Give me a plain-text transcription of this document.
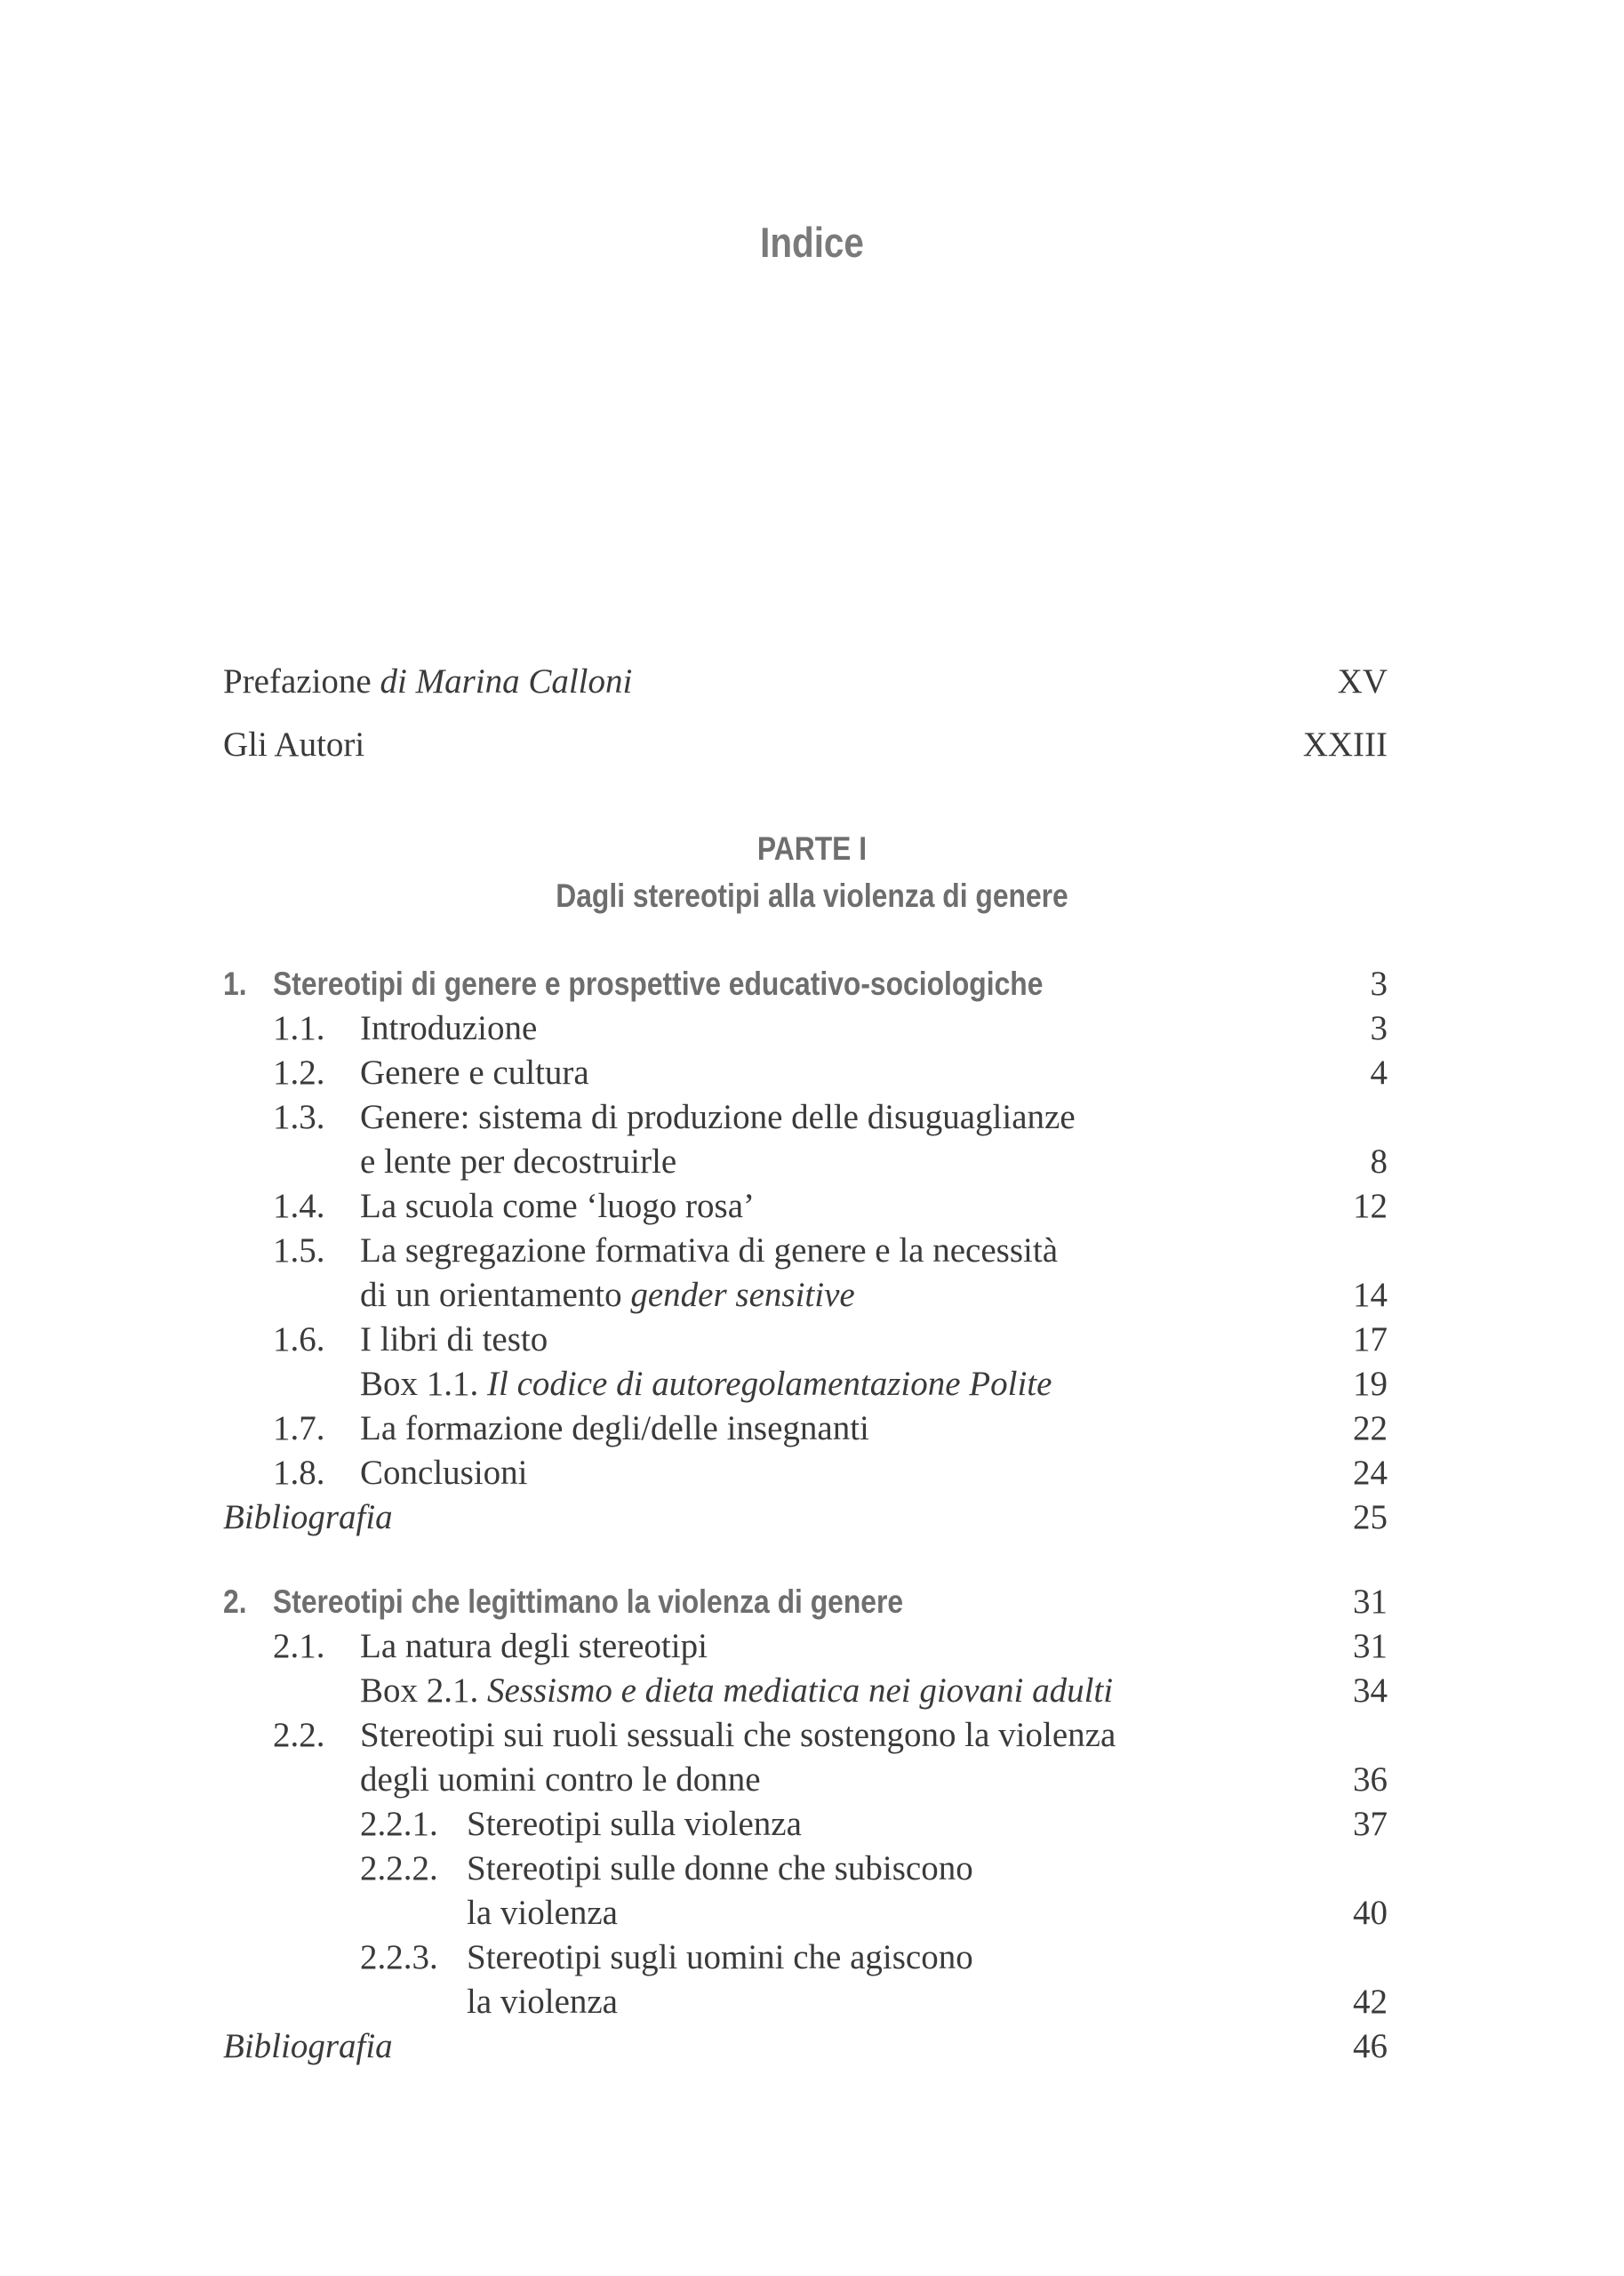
Indice
Prefazione di Marina Calloni	XV
Gli Autori	XXIII
PARTE I
Dagli stereotipi alla violenza di genere
1. Stereotipi di genere e prospettive educativo-sociologiche	3
1.1. Introduzione	3
1.2. Genere e cultura	4
1.3. Genere: sistema di produzione delle disuguaglianze
e lente per decostruirle	8
1.4. La scuola come ‘luogo rosa’	12
1.5. La segregazione formativa di genere e la necessità
di un orientamento gender sensitive	14
1.6. I libri di testo	17
Box 1.1. Il codice di autoregolamentazione Polite	19
1.7. La formazione degli/delle insegnanti	22
1.8. Conclusioni	24
Bibliografia	25
2. Stereotipi che legittimano la violenza di genere	31
2.1. La natura degli stereotipi	31
Box 2.1. Sessismo e dieta mediatica nei giovani adulti	34
2.2. Stereotipi sui ruoli sessuali che sostengono la violenza
degli uomini contro le donne	36
2.2.1. Stereotipi sulla violenza	37
2.2.2. Stereotipi sulle donne che subiscono
la violenza	40
2.2.3. Stereotipi sugli uomini che agiscono
la violenza	42
Bibliografia	46
